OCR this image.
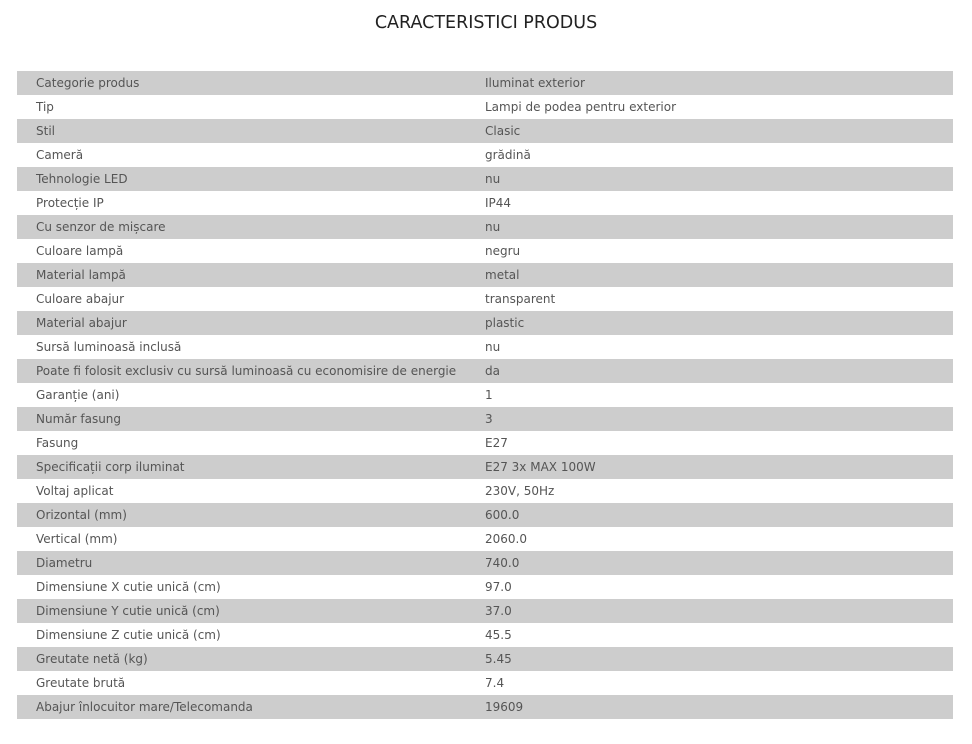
CARACTERISTICI PRODUS
Categorie produs	Iluminat exterior
Tip	Lampi de podea pentru exterior
Stil	Clasic
Cameră	grădină
Tehnologie LED	nu
Protecție IP	IP44
Cu senzor de mișcare	nu
Culoare lampă	negru
Material lampă	metal
Culoare abajur	transparent
Material abajur	plastic
Sursă luminoasă inclusă	nu
Poate fi folosit exclusiv cu sursă luminoasă cu economisire de energie	da
Garanție (ani)	1
Număr fasung	3
Fasung	E27
Specificații corp iluminat	E27 3x MAX 100W
Voltaj aplicat	230V, 50Hz
Orizontal (mm)	600.0
Vertical (mm)	2060.0
Diametru	740.0
Dimensiune X cutie unică (cm)	97.0
Dimensiune Y cutie unică (cm)	37.0
Dimensiune Z cutie unică (cm)	45.5
Greutate netă (kg)	5.45
Greutate brută	7.4
Abajur înlocuitor mare/Telecomanda	19609
